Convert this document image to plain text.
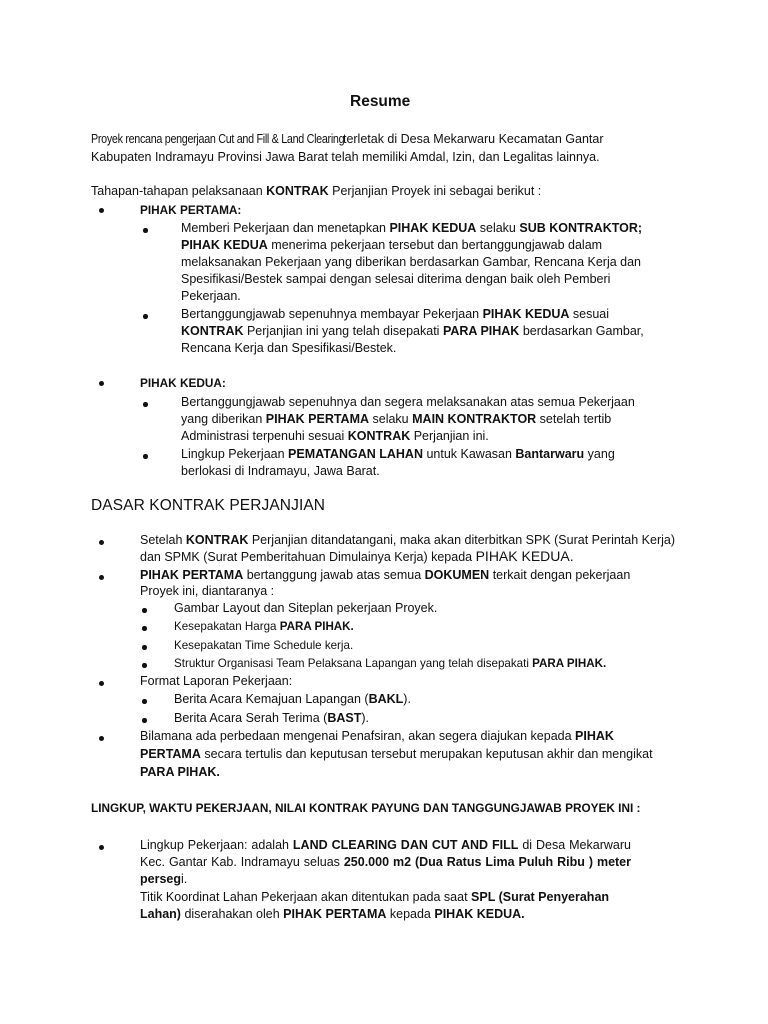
Resume
Proyek rencana pengerjaan Cut and Fill & Land Clearing terletak di Desa Mekarwaru Kecamatan Gantar
Kabupaten Indramayu Provinsi Jawa Barat telah memiliki Amdal, Izin, dan Legalitas lainnya.
Tahapan-tahapan pelaksanaan KONTRAK Perjanjian Proyek ini sebagai berikut :
PIHAK PERTAMA:
Memberi Pekerjaan dan menetapkan PIHAK KEDUA selaku SUB KONTRAKTOR;
PIHAK KEDUA menerima pekerjaan tersebut dan bertanggungjawab dalam
melaksanakan Pekerjaan yang diberikan berdasarkan Gambar, Rencana Kerja dan
Spesifikasi/Bestek sampai dengan selesai diterima dengan baik oleh Pemberi
Pekerjaan.
Bertanggungjawab sepenuhnya membayar Pekerjaan PIHAK KEDUA sesuai
KONTRAK Perjanjian ini yang telah disepakati PARA PIHAK berdasarkan Gambar,
Rencana Kerja dan Spesifikasi/Bestek.
PIHAK KEDUA:
Bertanggungjawab sepenuhnya dan segera melaksanakan atas semua Pekerjaan
yang diberikan PIHAK PERTAMA selaku MAIN KONTRAKTOR setelah tertib
Administrasi terpenuhi sesuai KONTRAK Perjanjian ini.
Lingkup Pekerjaan PEMATANGAN LAHAN untuk Kawasan Bantarwaru yang
berlokasi di Indramayu, Jawa Barat.
DASAR KONTRAK PERJANJIAN
Setelah KONTRAK Perjanjian ditandatangani, maka akan diterbitkan SPK (Surat Perintah Kerja)
dan SPMK (Surat Pemberitahuan Dimulainya Kerja) kepada PIHAK KEDUA.
PIHAK PERTAMA bertanggung jawab atas semua DOKUMEN terkait dengan pekerjaan
Proyek ini, diantaranya :
Gambar Layout dan Siteplan pekerjaan Proyek.
Kesepakatan Harga PARA PIHAK.
Kesepakatan Time Schedule kerja.
Struktur Organisasi Team Pelaksana Lapangan yang telah disepakati PARA PIHAK.
Format Laporan Pekerjaan:
Berita Acara Kemajuan Lapangan (BAKL).
Berita Acara Serah Terima (BAST).
Bilamana ada perbedaan mengenai Penafsiran, akan segera diajukan kepada PIHAK
PERTAMA secara tertulis dan keputusan tersebut merupakan keputusan akhir dan mengikat
PARA PIHAK.
LINGKUP, WAKTU PEKERJAAN, NILAI KONTRAK PAYUNG DAN TANGGUNGJAWAB PROYEK INI :
Lingkup Pekerjaan: adalah LAND CLEARING DAN CUT AND FILL di Desa Mekarwaru
Kec. Gantar Kab. Indramayu seluas 250.000 m2 (Dua Ratus Lima Puluh Ribu ) meter
persegi.
Titik Koordinat Lahan Pekerjaan akan ditentukan pada saat SPL (Surat Penyerahan
Lahan) diserahakan oleh PIHAK PERTAMA kepada PIHAK KEDUA.
